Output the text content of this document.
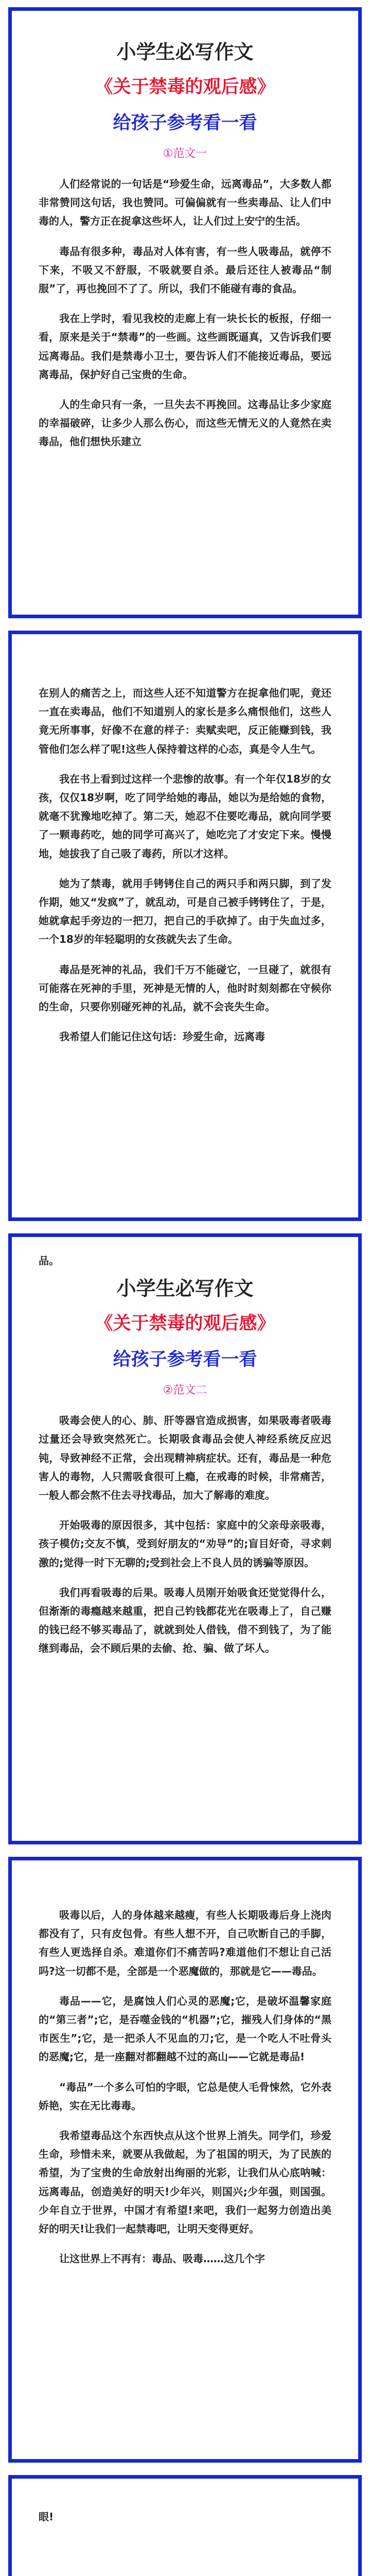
小学生必写作文
《关于禁毒的观后感》
给孩子参考看一看
①范文一

人们经常说的一句话是“珍爱生命，远离毒品”，大多数人都非常赞同这句话，我也赞同。可偏偏就有一些卖毒品、让人们中毒的人，警方正在捉拿这些坏人，让人们过上安宁的生活。

毒品有很多种，毒品对人体有害，有一些人吸毒品，就停不下来，不吸又不舒服，不吸就要自杀。最后还往人被毒品“制服”了，再也挽回不了了。所以，我们不能碰有毒的食品。

我在上学时，看见我校的走廊上有一块长长的板报，仔细一看，原来是关于“禁毒”的一些画。这些画既逼真，又告诉我们要远离毒品。我们是禁毒小卫士，要告诉人们不能接近毒品，要远离毒品，保护好自己宝贵的生命。

人的生命只有一条，一旦失去不再挽回。这毒品让多少家庭的幸福破碎，让多少人那么伤心，而这些无情无义的人竟然在卖毒品，他们想快乐建立

在别人的痛苦之上，而这些人还不知道警方在捉拿他们呢，竟还一直在卖毒品，他们不知道别人的家长是多么痛恨他们，这些人竟无所事事，好像不在意的样子：卖赋卖吧，反正能赚到钱，我管他们怎么样了呢!这些人保持着这样的心态，真是令人生气。

我在书上看到过这样一个悲惨的故事。有一个年仅18岁的女孩，仅仅18岁啊，吃了同学给她的毒品，她以为是给她的食物，就毫不犹豫地吃掉了。第二天，她忍不住要吃毒品，就向同学要了一颗毒药吃，她的同学可高兴了，她吃完了才安定下来。慢慢地，她拔我了自己吸了毒药，所以才这样。

她为了禁毒，就用手铐铐住自己的两只手和两只脚，到了发作期，她又“发疯”了，就乱动，可是自己被手铐铐住了，于是，她就拿起手旁边的一把刀，把自己的手砍掉了。由于失血过多，一个18岁的年轻聪明的女孩就失去了生命。

毒品是死神的礼品，我们千万不能碰它，一旦碰了，就很有可能落在死神的手里，死神是无情的人，他时时刻刻都在守候你的生命，只要你别碰死神的礼品，就不会丧失生命。

我希望人们能记住这句话：珍爱生命，远离毒

品。

小学生必写作文
《关于禁毒的观后感》
给孩子参考看一看
②范文二

吸毒会使人的心、肺、肝等器官造成损害，如果吸毒者吸毒过量还会导致突然死亡。长期吸食毒品会使人神经系统反应迟钝，导致神经不正常，会出现精神病症状。还有，毒品是一种危害人的毒物，人只需吸食很可上瘾，在戒毒的时候，非常痛苦，一般人都会熬不住去寻找毒品，加大了解毒的难度。

开始吸毒的原因很多，其中包括：家庭中的父亲母亲吸毒，孩子模仿;交友不慎，受到好朋友的“劝导”的;盲目好奇，寻求刺激的;觉得一时下无聊的;受到社会上不良人员的诱骗等原因。

我们再看吸毒的后果。吸毒人员刚开始吸食还觉觉得什么，但渐渐的毒瘾越来越重，把自己钓钱都花光在吸毒上了，自己赚的钱已经不够买毒品了，就就到处人借钱，借不到钱了，为了能继到毒品，会不顾后果的去偷、抢、骗、做了坏人。

吸毒以后，人的身体越来越瘦，有些人长期吸毒后身上浇肉都没有了，只有皮包骨。有些人想不开，自己吹断自己的手脚，有些人更选择自杀。难道你们不痛苦吗?难道他们不想让自己活吗?这一切都不是，全部是一个恶魔做的，那就是它——毒品。

毒品——它，是腐蚀人们心灵的恶魔;它，是破坏温馨家庭的“第三者”;它，是吞噬金钱的“机器”;它，摧残人们身体的“黑市医生”;它，是一把杀人不见血的刀;它，是一个吃人不吐骨头的恶魔;它，是一座翻对都翻越不过的高山——它就是毒品!

“毒品”一个多么可怕的字眼，它总是使人毛骨悚然，它外表娇艳，实在无比毒毒。

我希望毒品这个东西快点从这个世界上消失。同学们，珍爱生命，珍惜未来，就要从我做起，为了祖国的明天，为了民族的希望，为了宝贵的生命放射出绚丽的光彩，让我们从心底呐喊：远离毒品，创造美好的明天!少年兴，则国兴;少年强，则国强。少年自立于世界，中国才有希望!来吧，我们一起努力创造出美好的明天!让我们一起禁毒吧，让明天变得更好。

让这世界上不再有：毒品、吸毒……这几个字

眼!
